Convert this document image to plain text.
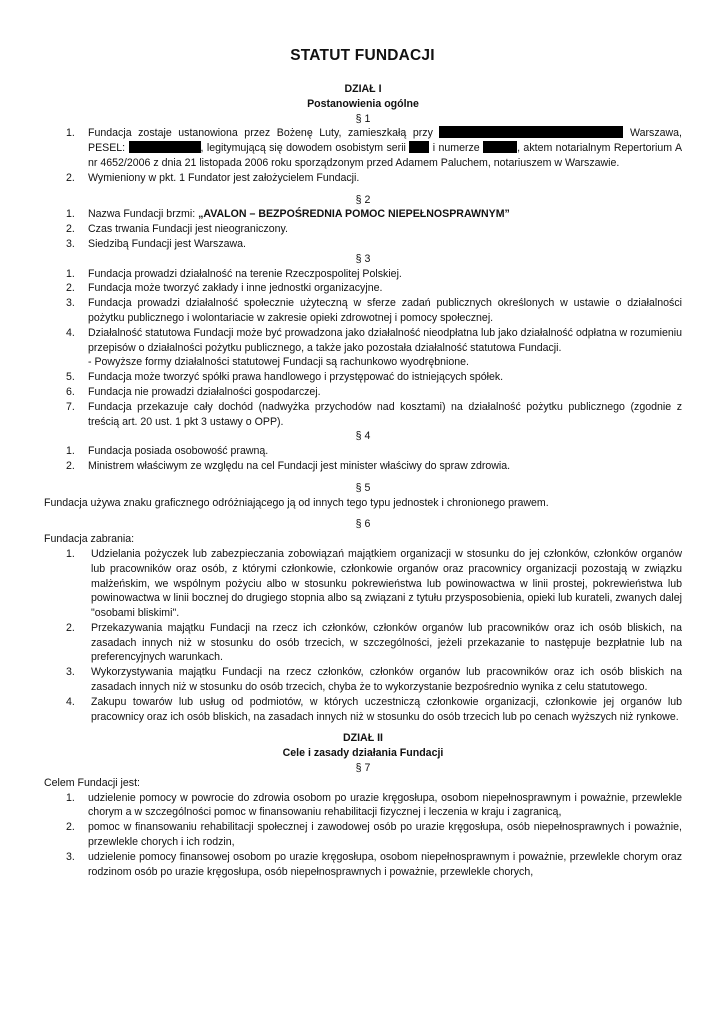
STATUT FUNDACJI
DZIAŁ I
Postanowienia ogólne
§ 1
1.	Fundacja zostaje ustanowiona przez Bożenę Luty, zamieszkałą przy	Warszawa, PESEL:	, legitymującą się dowodem osobistym serii  i numerze	, aktem notarialnym Repertorium A nr 4652/2006 z dnia 21 listopada 2006 roku sporządzonym przed Adamem Paluchem, notariuszem w Warszawie.
2.	Wymieniony w pkt. 1 Fundator jest założycielem Fundacji.
§ 2
1.	Nazwa Fundacji brzmi: „AVALON – BEZPOŚREDNIA POMOC NIEPEŁNOSPRAWNYM”
2.	Czas trwania Fundacji jest nieograniczony.
3.	Siedzibą Fundacji jest Warszawa.
§ 3
1.	Fundacja prowadzi działalność na terenie Rzeczpospolitej Polskiej.
2.	Fundacja może tworzyć zakłady i inne jednostki organizacyjne.
3.	Fundacja prowadzi działalność społecznie użyteczną w sferze zadań publicznych określonych w ustawie o działalności pożytku publicznego i wolontariacie w zakresie opieki zdrowotnej i pomocy społecznej.
4.	Działalność statutowa Fundacji może być prowadzona jako działalność nieodpłatna lub jako działalność odpłatna w rozumieniu przepisów o działalności pożytku publicznego, a także jako pozostała działalność statutowa Fundacji.
- Powyższe formy działalności statutowej Fundacji są rachunkowo wyodrębnione.
5.	Fundacja może tworzyć spółki prawa handlowego i przystępować do istniejących spółek.
6.	Fundacja nie prowadzi działalności gospodarczej.
7.	Fundacja przekazuje cały dochód (nadwyżka przychodów nad kosztami) na działalność pożytku publicznego (zgodnie z treścią art. 20 ust. 1 pkt 3 ustawy o OPP).
§ 4
1.	Fundacja posiada osobowość prawną.
2.	Ministrem właściwym ze względu na cel Fundacji jest minister właściwy do spraw zdrowia.
§ 5
Fundacja używa znaku graficznego odróżniającego ją od innych tego typu jednostek i chronionego prawem.
§ 6
Fundacja zabrania:
1.	Udzielania pożyczek lub zabezpieczania zobowiązań majątkiem organizacji w stosunku do jej członków, członków organów lub pracowników oraz osób, z którymi członkowie, członkowie organów oraz pracownicy organizacji pozostają w związku małżeńskim, we wspólnym pożyciu albo w stosunku pokrewieństwa lub powinowactwa w linii prostej, pokrewieństwa lub powinowactwa w linii bocznej do drugiego stopnia albo są związani z tytułu przysposobienia, opieki lub kurateli, zwanych dalej "osobami bliskimi".
2.	Przekazywania majątku Fundacji na rzecz ich członków, członków organów lub pracowników oraz ich osób bliskich, na zasadach innych niż w stosunku do osób trzecich, w szczególności, jeżeli przekazanie to następuje bezpłatnie lub na preferencyjnych warunkach.
3.	Wykorzystywania majątku Fundacji na rzecz członków, członków organów lub pracowników oraz ich osób bliskich na zasadach innych niż w stosunku do osób trzecich, chyba że to wykorzystanie bezpośrednio wynika z celu statutowego.
4.	Zakupu towarów lub usług od podmiotów, w których uczestniczą członkowie organizacji, członkowie jej organów lub pracownicy oraz ich osób bliskich, na zasadach innych niż w stosunku do osób trzecich lub po cenach wyższych niż rynkowe.
DZIAŁ II
Cele i zasady działania Fundacji
§ 7
Celem Fundacji jest:
1.	udzielenie pomocy w powrocie do zdrowia osobom po urazie kręgosłupa, osobom niepełnosprawnym i poważnie, przewlekle chorym a w szczególności pomoc w finansowaniu rehabilitacji fizycznej i leczenia w kraju i zagranicą,
2.	pomoc w finansowaniu rehabilitacji społecznej i zawodowej osób po urazie kręgosłupa, osób niepełnosprawnych i poważnie, przewlekle chorych i ich rodzin,
3.	udzielenie pomocy finansowej osobom po urazie kręgosłupa, osobom niepełnosprawnym i poważnie, przewlekle chorym oraz rodzinom osób po urazie kręgosłupa, osób niepełnosprawnych i poważnie, przewlekle chorych,
